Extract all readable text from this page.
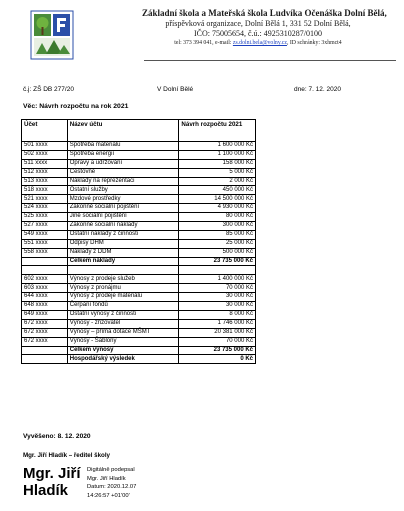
Základní škola a Mateřská škola Ludvíka Očenáška Dolní Bělá,
příspěvková organizace, Dolní Bělá 1, 331 52 Dolní Bělá,
IČO: 75005654, č.ú.: 4925310287/0100
tel: 373 394 041, e-mail: zs.dolni.bela@volny.cz, ID schránky: 3xhmct4
č.j: ZŠ DB 277/20	V Dolní Bělé	dne: 7. 12. 2020
Věc: Návrh rozpočtu na rok 2021
Účet	Název účtu	Návrh rozpočtu 2021
501 xxxx	Spotřeba materiálu	1 600 000 Kč
502 xxxx	Spotřeba energií	1 100 000 Kč
511 xxxx	Opravy a udržování	158 000 Kč
512 xxxx	Cestovné	5 000 Kč
513 xxxx	Náklady na reprezentaci	2 000 Kč
518 xxxx	Ostatní služby	450 000 Kč
521 xxxx	Mzdové prostředky	14 500 000 Kč
524 xxxx	Zákonné sociální pojištění	4 930 000 Kč
525 xxxx	Jiné sociální pojištění	80 000 Kč
527 xxxx	Zákonné sociální náklady	300 000 Kč
549 xxxx	Ostatní náklady z činnosti	85 000 Kč
551 xxxx	Odpisy DHM	25 000 Kč
558 xxxx	Náklady z DDM	500 000 Kč
	Celkem náklady	23 735 000 Kč

602 xxxx	Výnosy z prodeje služeb	1 400 000 Kč
603 xxxx	Výnosy z pronájmu	70 000 Kč
644 xxxx	Výnosy z prodeje materiálu	30 000 Kč
648 xxxx	Čerpání fondů	30 000 Kč
649 xxxx	Ostatní výnosy z činnosti	8 000 Kč
672 xxxx	Výnosy - zřizovatel	1 746 000 Kč
672 xxxx	Výnosy – přímá dotace MŠMT	20 381 000 Kč
672 xxxx	Výnosy - Šablony	70 000 Kč
	Celkem výnosy	23 735 000 Kč
	Hospodářský výsledek	0 Kč
Vyvěšeno: 8. 12. 2020
Mgr. Jiří Hladík – ředitel školy
Mgr. Jiří
Hladík
Digitálně podepsal
Mgr. Jiří Hladík
Datum: 2020.12.07
14:26:57 +01'00'
